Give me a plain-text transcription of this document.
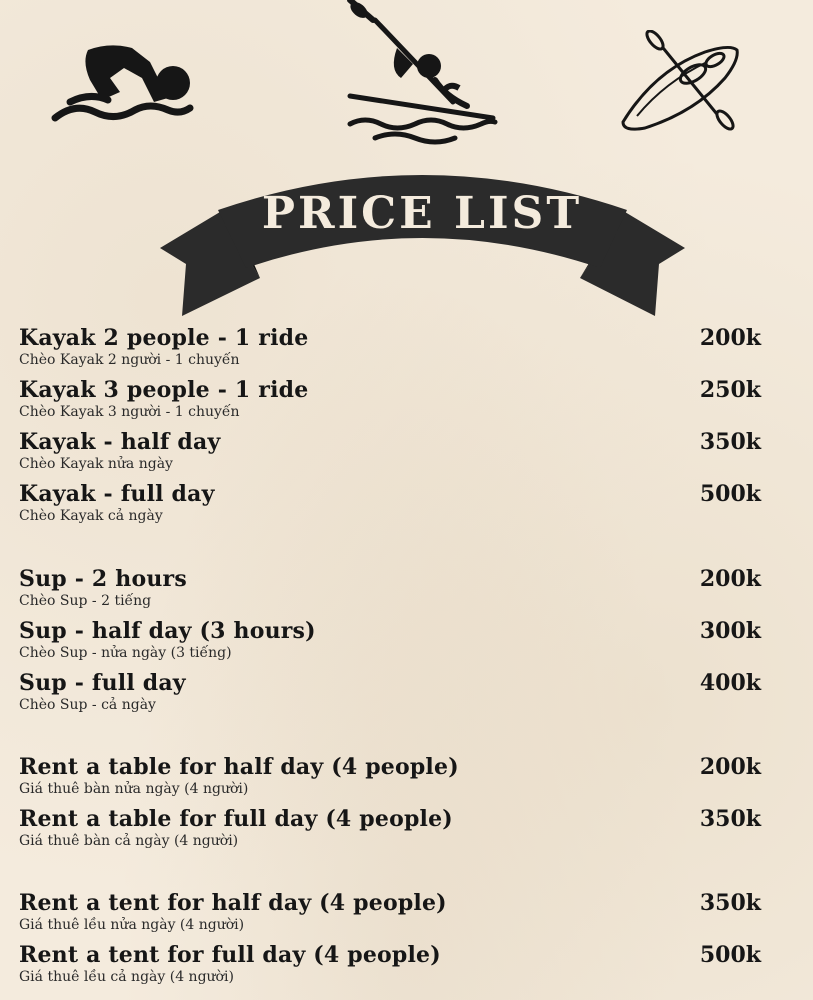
PRICE LIST
Kayak 2 people - 1 ride	200k
Chèo Kayak 2 người - 1 chuyến
Kayak 3 people - 1 ride	250k
Chèo Kayak 3 người - 1 chuyến
Kayak - half day	350k
Chèo Kayak nửa ngày
Kayak - full day	500k
Chèo Kayak cả ngày
Sup - 2 hours	200k
Chèo Sup - 2 tiếng
Sup - half day (3 hours)	300k
Chèo Sup - nửa ngày (3 tiếng)
Sup - full day	400k
Chèo Sup - cả ngày
Rent a table for half day (4 people)	200k
Giá thuê bàn nửa ngày (4 người)
Rent a table for full day (4 people)	350k
Giá thuê bàn cả ngày (4 người)
Rent a tent for half day (4 people)	350k
Giá thuê lều nửa ngày (4 người)
Rent a tent for full day (4 people)	500k
Giá thuê lều cả ngày (4 người)
